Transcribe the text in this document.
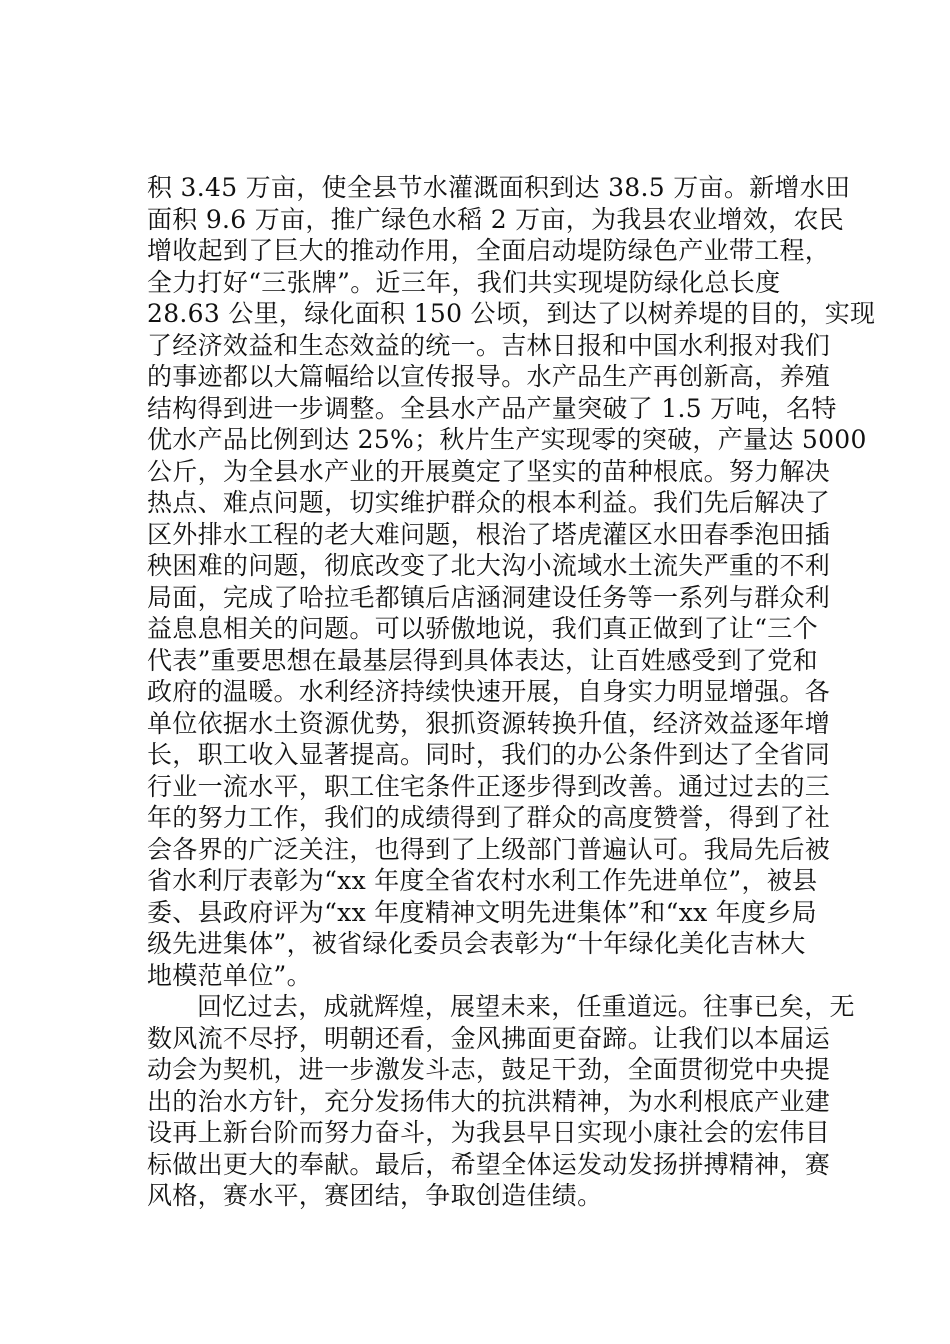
积 3.45 万亩，使全县节水灌溉面积到达 38.5 万亩。新增水田
面积 9.6 万亩，推广绿色水稻 2 万亩，为我县农业增效，农民
增收起到了巨大的推动作用，全面启动堤防绿色产业带工程，
全力打好“三张牌”。近三年，我们共实现堤防绿化总长度
28.63 公里，绿化面积 150 公顷，到达了以树养堤的目的，实现
了经济效益和生态效益的统一。吉林日报和中国水利报对我们
的事迹都以大篇幅给以宣传报导。水产品生产再创新高，养殖
结构得到进一步调整。全县水产品产量突破了 1.5 万吨，名特
优水产品比例到达 25%；秋片生产实现零的突破，产量达 5000
公斤，为全县水产业的开展奠定了坚实的苗种根底。努力解决
热点、难点问题，切实维护群众的根本利益。我们先后解决了
区外排水工程的老大难问题，根治了塔虎灌区水田春季泡田插
秧困难的问题，彻底改变了北大沟小流域水土流失严重的不利
局面，完成了哈拉毛都镇后店涵洞建设任务等一系列与群众利
益息息相关的问题。可以骄傲地说，我们真正做到了让“三个
代表”重要思想在最基层得到具体表达，让百姓感受到了党和
政府的温暖。水利经济持续快速开展，自身实力明显增强。各
单位依据水土资源优势，狠抓资源转换升值，经济效益逐年增
长，职工收入显著提高。同时，我们的办公条件到达了全省同
行业一流水平，职工住宅条件正逐步得到改善。通过过去的三
年的努力工作，我们的成绩得到了群众的高度赞誉，得到了社
会各界的广泛关注，也得到了上级部门普遍认可。我局先后被
省水利厅表彰为“xx 年度全省农村水利工作先进单位”，被县
委、县政府评为“xx 年度精神文明先进集体”和“xx 年度乡局
级先进集体”，被省绿化委员会表彰为“十年绿化美化吉林大
地模范单位”。
回忆过去，成就辉煌，展望未来，任重道远。往事已矣，无
数风流不尽抒，明朝还看，金风拂面更奋蹄。让我们以本届运
动会为契机，进一步激发斗志，鼓足干劲，全面贯彻党中央提
出的治水方针，充分发扬伟大的抗洪精神，为水利根底产业建
设再上新台阶而努力奋斗，为我县早日实现小康社会的宏伟目
标做出更大的奉献。最后，希望全体运发动发扬拼搏精神，赛
风格，赛水平，赛团结，争取创造佳绩。
